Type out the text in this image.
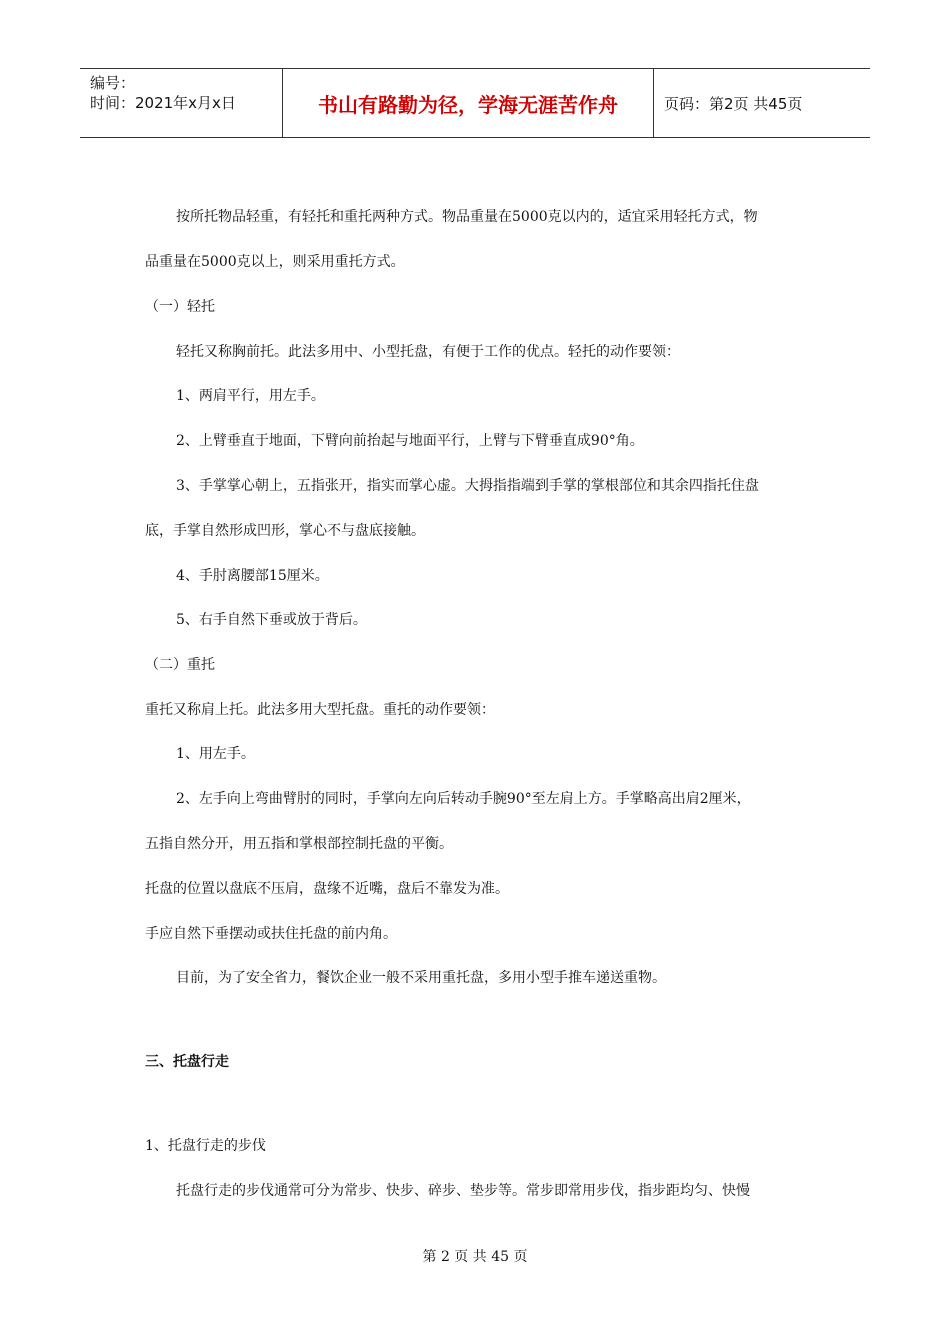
编号：
时间：2021年x月x日	书山有路勤为径，学海无涯苦作舟	页码：第2页 共45页
按所托物品轻重，有轻托和重托两种方式。物品重量在5000克以内的，适宜采用轻托方式，物
品重量在5000克以上，则采用重托方式。
（一）轻托
轻托又称胸前托。此法多用中、小型托盘，有便于工作的优点。轻托的动作要领：
1、两肩平行，用左手。
2、上臂垂直于地面，下臂向前抬起与地面平行，上臂与下臂垂直成90°角。
3、手掌掌心朝上，五指张开，指实而掌心虚。大拇指指端到手掌的掌根部位和其余四指托住盘
底，手掌自然形成凹形，掌心不与盘底接触。
4、手肘离腰部15厘米。
5、右手自然下垂或放于背后。
（二）重托
重托又称肩上托。此法多用大型托盘。重托的动作要领：
1、用左手。
2、左手向上弯曲臂肘的同时，手掌向左向后转动手腕90°至左肩上方。手掌略高出肩2厘米，
五指自然分开，用五指和掌根部控制托盘的平衡。
托盘的位置以盘底不压肩，盘缘不近嘴，盘后不靠发为准。
手应自然下垂摆动或扶住托盘的前内角。
目前，为了安全省力，餐饮企业一般不采用重托盘，多用小型手推车递送重物。
三、托盘行走
1、托盘行走的步伐
托盘行走的步伐通常可分为常步、快步、碎步、垫步等。常步即常用步伐，指步距均匀、快慢
第 2 页 共 45 页
